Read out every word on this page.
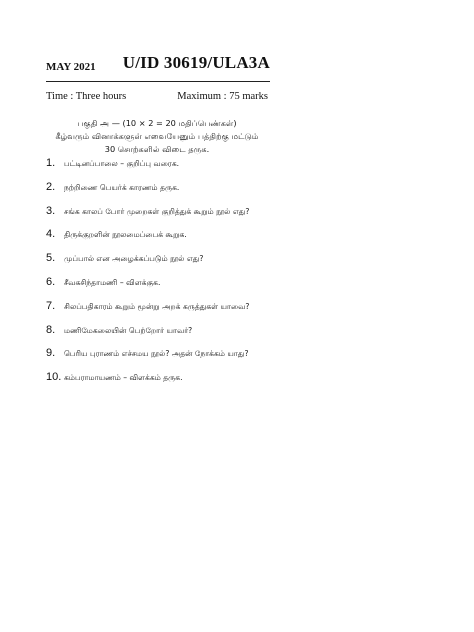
MAY 2021 U/ID 30619/ULA3A
Time : Three hours	Maximum : 75 marks
பகுதி அ — (10 × 2 = 20 மதிப்பெண்கள்)
கீழ்வரும் வினாக்களுள் எவையேனும் பத்திற்கு மட்டும்
30 சொற்களில் விடை தருக.
1. பட்டினப்பாலை – குறிப்பு வரைக.
2. நற்றிணை பெயர்க் காரணம் தருக.
3. சங்க காலப் போர் முறைகள் குறித்துக் கூறும் நூல் எது?
4. திருக்குறளின் நூலமைப்பைக் கூறுக.
5. முப்பால் என அழைக்கப்படும் நூல் எது?
6. சீவகசிந்தாமணி – விளக்குக.
7. சிலப்பதிகாரம் கூறும் மூன்று அறக் கருத்துகள் யாவை?
8. மணிமேகலையின் பெற்றோர் யாவர்?
9. பெரிய புராணம் எச்சமய நூல்? அதன் நோக்கம் யாது?
10. கம்பராமாயணம் – விளக்கம் தருக.
